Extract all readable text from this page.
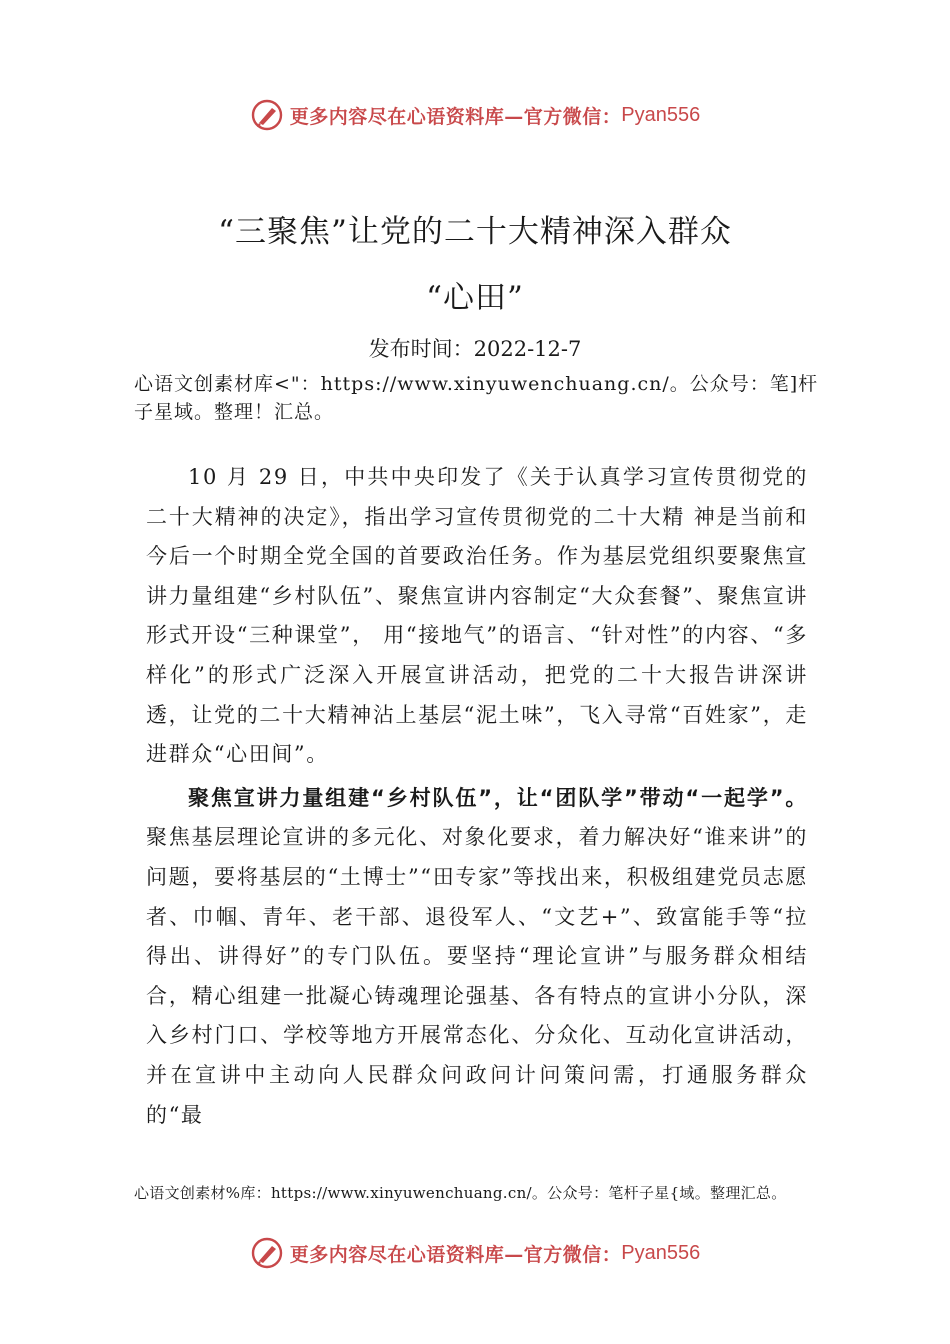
更多内容尽在心语资料库—官方微信： Pyan556
“三聚焦”让党的二十大精神深入群众
“心田”
发布时间：2022-12-7
心语文创素材库<"：https://www.xinyuwenchuang.cn/。公众号：笔]杆子星域。整理！汇总。

10 月 29 日，中共中央印发了《关于认真学习宣传贯彻党的二十大精神的决定》，指出学习宣传贯彻党的二十大精 神是当前和今后一个时期全党全国的首要政治任务。作为基层党组织要聚焦宣讲力量组建“乡村队伍”、聚焦宣讲内容制定“大众套餐”、聚焦宣讲形式开设“三种课堂”， 用“接地气”的语言、“针对性”的内容、“多样化”的形式广泛深入开展宣讲活动，把党的二十大报告讲深讲透，让党的二十大精神沾上基层“泥土味”，飞入寻常“百姓家”，走进群众“心田间”。

聚焦宣讲力量组建“乡村队伍”，让“团队学”带动“一起学”。聚焦基层理论宣讲的多元化、对象化要求，着力解决好“谁来讲”的问题，要将基层的“土博士”“田专家”等找出来，积极组建党员志愿者、巾帼、青年、老干部、退役军人、“文艺+”、致富能手等“拉得出、讲得好”的专门队伍。要坚持“理论宣讲”与服务群众相结合，精心组建一批凝心铸魂理论强基、各有特点的宣讲小分队，深入乡村门口、学校等地方开展常态化、分众化、互动化宣讲活动，并在宣讲中主动向人民群众问政问计问策问需，打通服务群众的“最

心语文创素材%库：https://www.xinyuwenchuang.cn/。公众号：笔杆子星{域。整理汇总。
更多内容尽在心语资料库—官方微信： Pyan556
